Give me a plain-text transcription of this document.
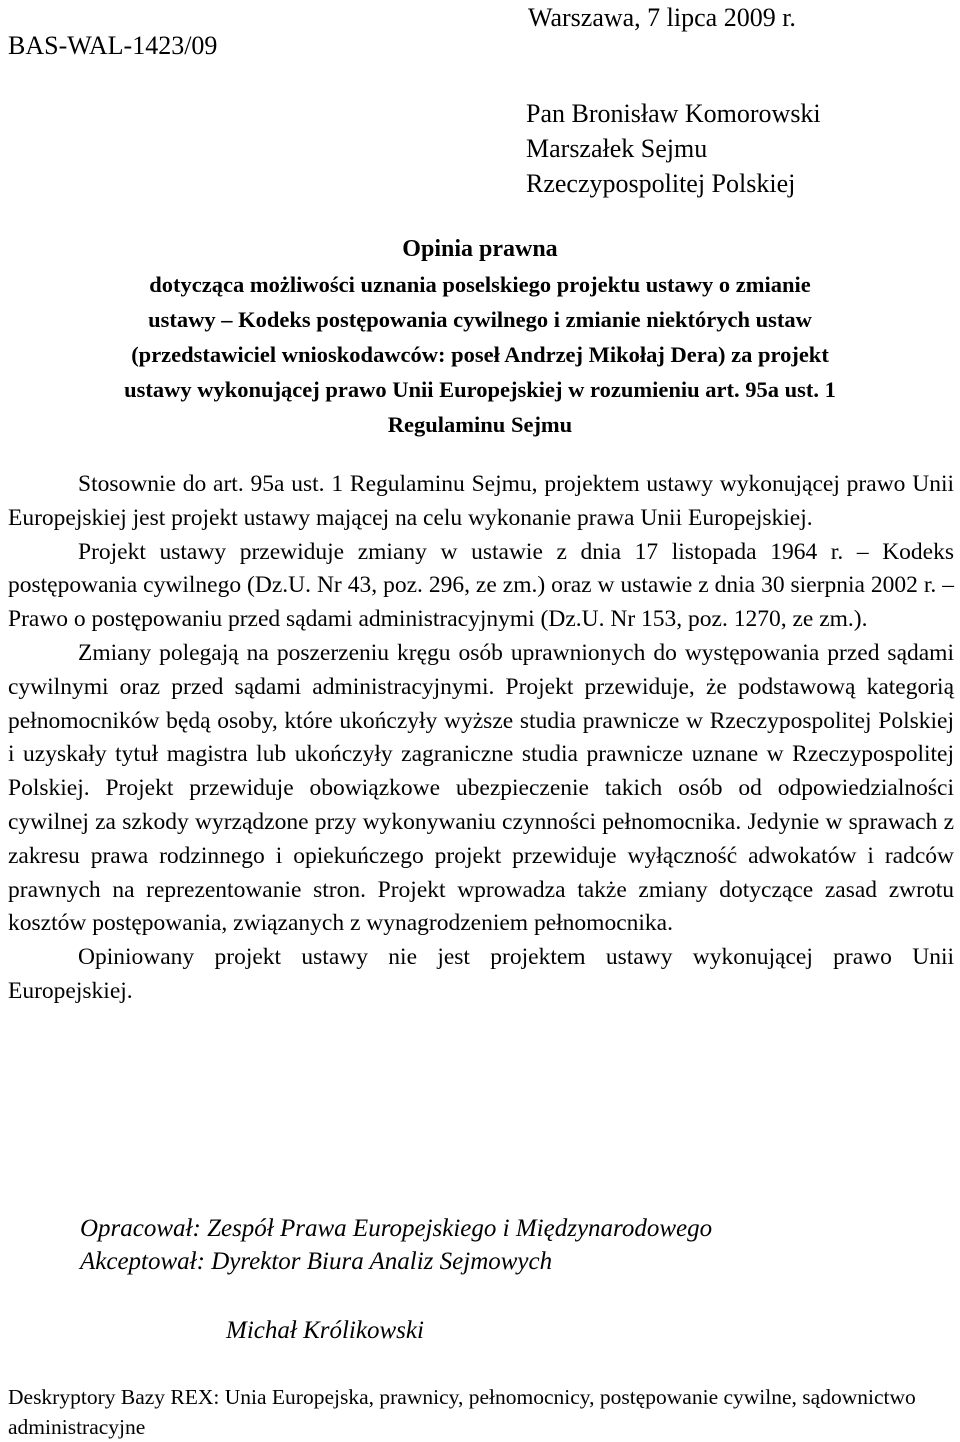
BAS-WAL-1423/09
Warszawa, 7 lipca 2009 r.
Pan Bronisław Komorowski
Marszałek Sejmu
Rzeczypospolitej Polskiej
Opinia prawna
dotycząca możliwości uznania poselskiego projektu ustawy o zmianie
ustawy – Kodeks postępowania cywilnego i zmianie niektórych ustaw
(przedstawiciel wnioskodawców: poseł Andrzej Mikołaj Dera) za projekt
ustawy wykonującej prawo Unii Europejskiej w rozumieniu art. 95a ust. 1
Regulaminu Sejmu

Stosownie do art. 95a ust. 1 Regulaminu Sejmu, projektem ustawy wykonującej prawo Unii Europejskiej jest projekt ustawy mającej na celu wykonanie prawa Unii Europejskiej.

Projekt ustawy przewiduje zmiany w ustawie z dnia 17 listopada 1964 r. – Kodeks postępowania cywilnego (Dz.U. Nr 43, poz. 296, ze zm.) oraz w ustawie z dnia 30 sierpnia 2002 r. – Prawo o postępowaniu przed sądami administracyjnymi (Dz.U. Nr 153, poz. 1270, ze zm.).

Zmiany polegają na poszerzeniu kręgu osób uprawnionych do występowania przed sądami cywilnymi oraz przed sądami administracyjnymi. Projekt przewiduje, że podstawową kategorią pełnomocników będą osoby, które ukończyły wyższe studia prawnicze w Rzeczypospolitej Polskiej i uzyskały tytuł magistra lub ukończyły zagraniczne studia prawnicze uznane w Rzeczypospolitej Polskiej. Projekt przewiduje obowiązkowe ubezpieczenie takich osób od odpowiedzialności cywilnej za szkody wyrządzone przy wykonywaniu czynności pełnomocnika. Jedynie w sprawach z zakresu prawa rodzinnego i opiekuńczego projekt przewiduje wyłączność adwokatów i radców prawnych na reprezentowanie stron. Projekt wprowadza także zmiany dotyczące zasad zwrotu kosztów postępowania, związanych z wynagrodzeniem pełnomocnika.

Opiniowany projekt ustawy nie jest projektem ustawy wykonującej prawo Unii Europejskiej.

Opracował: Zespół Prawa Europejskiego i Międzynarodowego
Akceptował: Dyrektor Biura Analiz Sejmowych
Michał Królikowski
Deskryptory Bazy REX: Unia Europejska, prawnicy, pełnomocnicy, postępowanie cywilne, sądownictwo administracyjne
